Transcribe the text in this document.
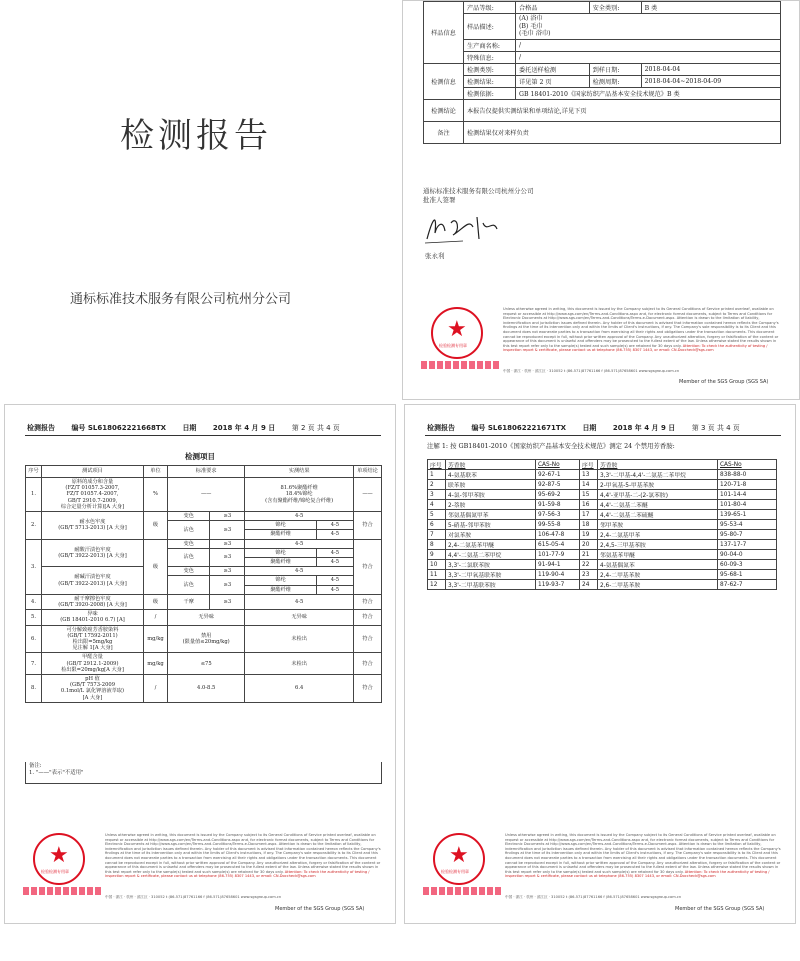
检测报告
通标标准技术服务有限公司杭州分公司
样品信息	产品等级:	合格品	安全类别:	B 类
	样品描述:	(A) 浴巾
(B) 毛巾
(毛巾 浴巾)		
	生产商名称:	/		
	特殊信息:	/		
检测信息	检测类别:	委托送样检测	到样日期:	2018-04-04
	检测结果:	详见第 2 页	检测周期:	2018-04-04~2018-04-09
	检测依据:	GB 18401-2010《国家纺织产品基本安全技术规范》B 类		
检测结论	本报告仅提供实测结果和单项结论,详见下页			
备注	检测结果仅对来样负责			
通标标准技术服务有限公司杭州分公司
批准人签署
张永利
★
检验检测专用章
Unless otherwise agreed in writing, this document is issued by the Company subject to its General Conditions of Service printed overleaf, available on request or accessible at http://www.sgs.com/en/Terms-and-Conditions.aspx and, for electronic format documents, subject to Terms and Conditions for Electronic Documents at http://www.sgs.com/en/Terms-and-Conditions/Terms-e-Document.aspx. Attention is drawn to the limitation of liability, indemnification and jurisdiction issues defined therein. Any holder of this document is advised that information contained hereon reflects the Company's findings at the time of its intervention only and within the limits of Client's instructions, if any. The Company's sole responsibility is to its Client and this document does not exonerate parties to a transaction from exercising all their rights and obligations under the transaction documents. This document cannot be reproduced except in full, without prior written approval of the Company. Any unauthorized alteration, forgery or falsification of the content or appearance of this document is unlawful and offenders may be prosecuted to the fullest extent of the law. Unless otherwise stated the results shown in this test report refer only to the sample(s) tested and such sample(s) are retained for 30 days only. Attention: To check the authenticity of testing / inspection report & certificate, please contact us at telephone (86-755) 8307 1443, or email: CN.Doccheck@sgs.com
中国 · 浙江 · 杭州 · 滨江区 · 310052 t (86-571)87761166 f (86-571)87658601 www.sgsgroup.com.cn
Member of the SGS Group (SGS SA)
检测报告 编号 SL618062221668TX 日期 2018 年 4 月 9 日 第 2 页 共 4 页
检测项目
序号	测试项目	单位	标准要求		实测结果		单项结论
1.	原料的成分和含量
(FZ/T 01057.3-2007,
FZ/T 01057.4-2007,
GB/T 2910.7-2009,
综合定量分析计算)[A 大身]	%	——		81.6%聚酯纤维
18.4%锦纶
(含有聚酯纤维/锦纶复合纤维)		——
2.	耐水色牢度
(GB/T 5713-2013) [A 大身]	级	变色	≥3	4-5		符合
			沾色	≥3	锦纶	4-5	
					聚酯纤维	4-5	
3.	耐酸汗渍色牢度
(GB/T 3922-2013) [A 大身]	级	变色	≥3	4-5		符合
			沾色	≥3	锦纶	4-5	
					聚酯纤维	4-5	
	耐碱汗渍色牢度
(GB/T 3922-2013) [A 大身]		变色	≥3	4-5		
			沾色	≥3	锦纶	4-5	
					聚酯纤维	4-5	
4.	耐干摩擦色牢度
(GB/T 3920-2008) [A 大身]	级	干摩	≥3	4-5		符合
5.	异味
(GB 18401-2010 6.7) [A]	/	无异味		无异味		符合
6.	可分解致癌芳香胺染料
(GB/T 17592-2011)
检出限=5mg/kg
见注解 1[A 大身]	mg/kg	禁用
(限量值≤20mg/kg)		未检出		符合
7.	甲醛含量
(GB/T 2912.1-2009)
检出限=20mg/kg[A 大身]	mg/kg	≤75		未检出		符合
8.	pH 值
(GB/T 7573-2009
0.1mol/L 氯化钾溶液萃取)
[A 大身]	/	4.0-8.5		6.4		符合
备注:
1. "——"表示"不适用"
★
检验检测专用章
Unless otherwise agreed in writing, this document is issued by the Company subject to its General Conditions of Service printed overleaf, available on request or accessible at http://www.sgs.com/en/Terms-and-Conditions.aspx and, for electronic format documents, subject to Terms and Conditions for Electronic Documents at http://www.sgs.com/en/Terms-and-Conditions/Terms-e-Document.aspx. Attention is drawn to the limitation of liability, indemnification and jurisdiction issues defined therein. Any holder of this document is advised that information contained hereon reflects the Company's findings at the time of its intervention only and within the limits of Client's instructions, if any. The Company's sole responsibility is to its Client and this document does not exonerate parties to a transaction from exercising all their rights and obligations under the transaction documents. This document cannot be reproduced except in full, without prior written approval of the Company. Any unauthorized alteration, forgery or falsification of the content or appearance of this document is unlawful and offenders may be prosecuted to the fullest extent of the law. Unless otherwise stated the results shown in this test report refer only to the sample(s) tested and such sample(s) are retained for 30 days only. Attention: To check the authenticity of testing / inspection report & certificate, please contact us at telephone (86-755) 8307 1443, or email: CN.Doccheck@sgs.com
中国 · 浙江 · 杭州 · 滨江区 · 310052 t (86-571)87761166 f (86-571)87658601 www.sgsgroup.com.cn
Member of the SGS Group (SGS SA)
检测报告 编号 SL618062221671TX 日期 2018 年 4 月 9 日 第 3 页 共 4 页
注解 1: 按 GB18401-2010《国家纺织产品基本安全技术规范》测定 24 个禁用芳香胺:
序号	芳香胺	CAS-No	序号	芳香胺	CAS-No
1	4-氨基联苯	92-67-1	13	3,3'-二甲基-4,4'-二氨基二苯甲烷	838-88-0
2	联苯胺	92-87-5	14	2-甲氧基-5-甲基苯胺	120-71-8
3	4-氯-邻甲苯胺	95-69-2	15	4,4'-亚甲基-二-(2-氯苯胺)	101-14-4
4	2-萘胺	91-59-8	16	4,4'-二氨基二苯醚	101-80-4
5	邻氨基偶氮甲苯	97-56-3	17	4,4'-二氨基二苯硫醚	139-65-1
6	5-硝基-邻甲苯胺	99-55-8	18	邻甲苯胺	95-53-4
7	对氯苯胺	106-47-8	19	2,4-二氨基甲苯	95-80-7
8	2,4-二氨基苯甲醚	615-05-4	20	2,4,5-三甲基苯胺	137-17-7
9	4,4'-二氨基二苯甲烷	101-77-9	21	邻氨基苯甲醚	90-04-0
10	3,3'-二氯联苯胺	91-94-1	22	4-氨基偶氮苯	60-09-3
11	3,3'-二甲氧基联苯胺	119-90-4	23	2,4-二甲基苯胺	95-68-1
12	3,3'-二甲基联苯胺	119-93-7	24	2,6-二甲基苯胺	87-62-7
★
检验检测专用章
Unless otherwise agreed in writing, this document is issued by the Company subject to its General Conditions of Service printed overleaf, available on request or accessible at http://www.sgs.com/en/Terms-and-Conditions.aspx and, for electronic format documents, subject to Terms and Conditions for Electronic Documents at http://www.sgs.com/en/Terms-and-Conditions/Terms-e-Document.aspx. Attention is drawn to the limitation of liability, indemnification and jurisdiction issues defined therein. Any holder of this document is advised that information contained hereon reflects the Company's findings at the time of its intervention only and within the limits of Client's instructions, if any. The Company's sole responsibility is to its Client and this document does not exonerate parties to a transaction from exercising all their rights and obligations under the transaction documents. This document cannot be reproduced except in full, without prior written approval of the Company. Any unauthorized alteration, forgery or falsification of the content or appearance of this document is unlawful and offenders may be prosecuted to the fullest extent of the law. Unless otherwise stated the results shown in this test report refer only to the sample(s) tested and such sample(s) are retained for 30 days only. Attention: To check the authenticity of testing / inspection report & certificate, please contact us at telephone (86-755) 8307 1443, or email: CN.Doccheck@sgs.com
中国 · 浙江 · 杭州 · 滨江区 · 310052 t (86-571)87761166 f (86-571)87658601 www.sgsgroup.com.cn
Member of the SGS Group (SGS SA)
